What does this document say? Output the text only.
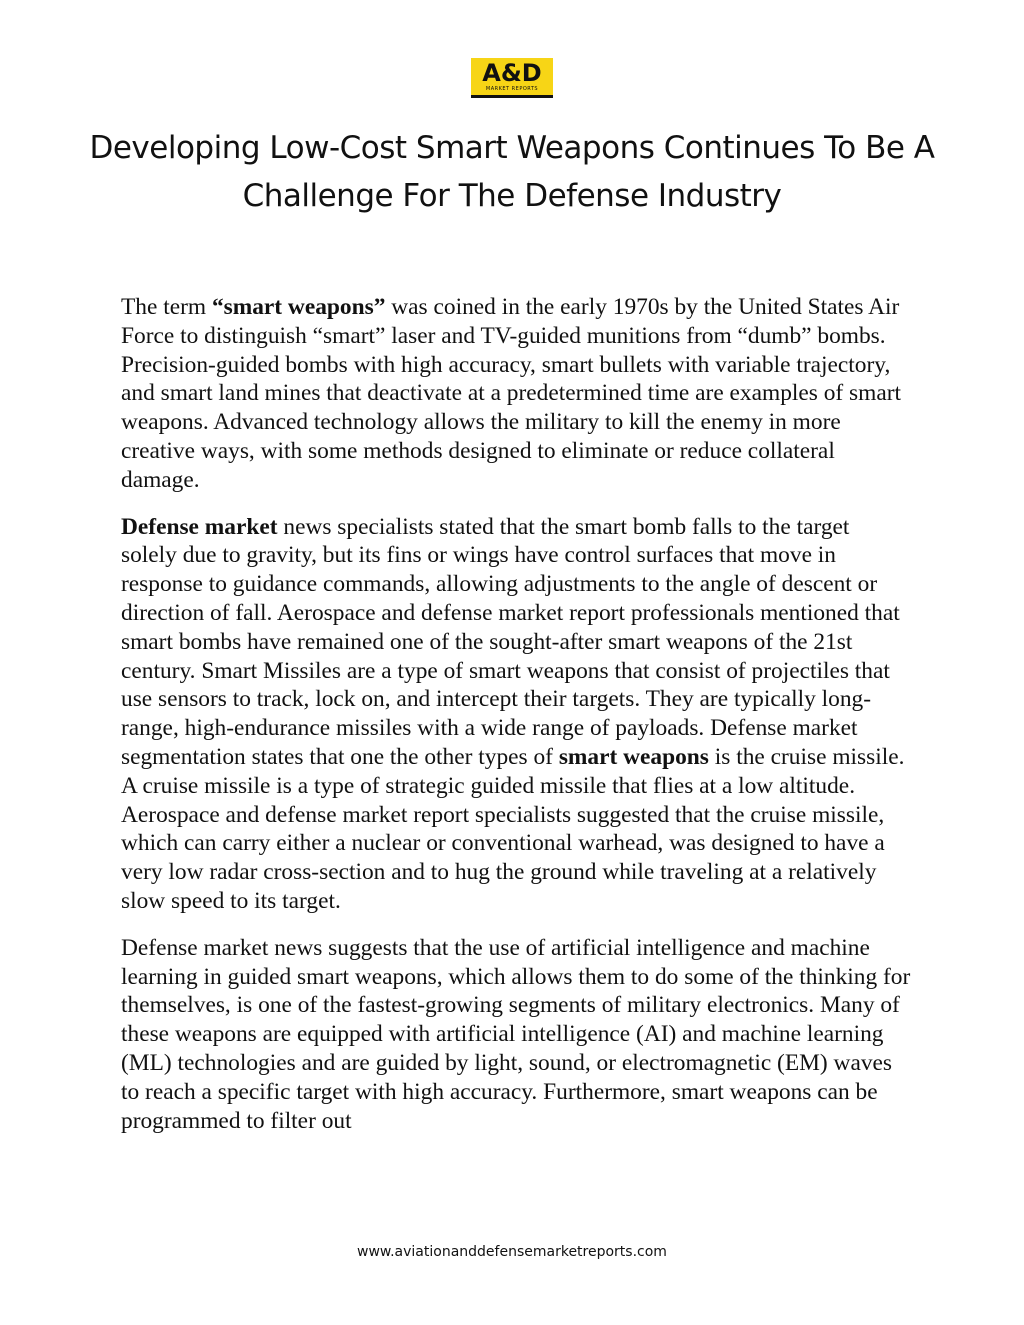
A&D
MARKET REPORTS
Developing Low-Cost Smart Weapons Continues To Be A Challenge For The Defense Industry

The term “smart weapons” was coined in the early 1970s by the United States Air Force to distinguish “smart” laser and TV-guided munitions from “dumb” bombs. Precision-guided bombs with high accuracy, smart bullets with variable trajectory, and smart land mines that deactivate at a predetermined time are examples of smart weapons. Advanced technology allows the military to kill the enemy in more creative ways, with some methods designed to eliminate or reduce collateral damage.

Defense market news specialists stated that the smart bomb falls to the target solely due to gravity, but its fins or wings have control surfaces that move in response to guidance commands, allowing adjustments to the angle of descent or direction of fall. Aerospace and defense market report professionals mentioned that smart bombs have remained one of the sought-after smart weapons of the 21st century. Smart Missiles are a type of smart weapons that consist of projectiles that use sensors to track, lock on, and intercept their targets. They are typically long-range, high-endurance missiles with a wide range of payloads. Defense market segmentation states that one the other types of smart weapons is the cruise missile. A cruise missile is a type of strategic guided missile that flies at a low altitude. Aerospace and defense market report specialists suggested that the cruise missile, which can carry either a nuclear or conventional warhead, was designed to have a very low radar cross-section and to hug the ground while traveling at a relatively slow speed to its target.

Defense market news suggests that the use of artificial intelligence and machine learning in guided smart weapons, which allows them to do some of the thinking for themselves, is one of the fastest-growing segments of military electronics. Many of these weapons are equipped with artificial intelligence (AI) and machine learning (ML) technologies and are guided by light, sound, or electromagnetic (EM) waves to reach a specific target with high accuracy. Furthermore, smart weapons can be programmed to filter out

www.aviationanddefensemarketreports.com
